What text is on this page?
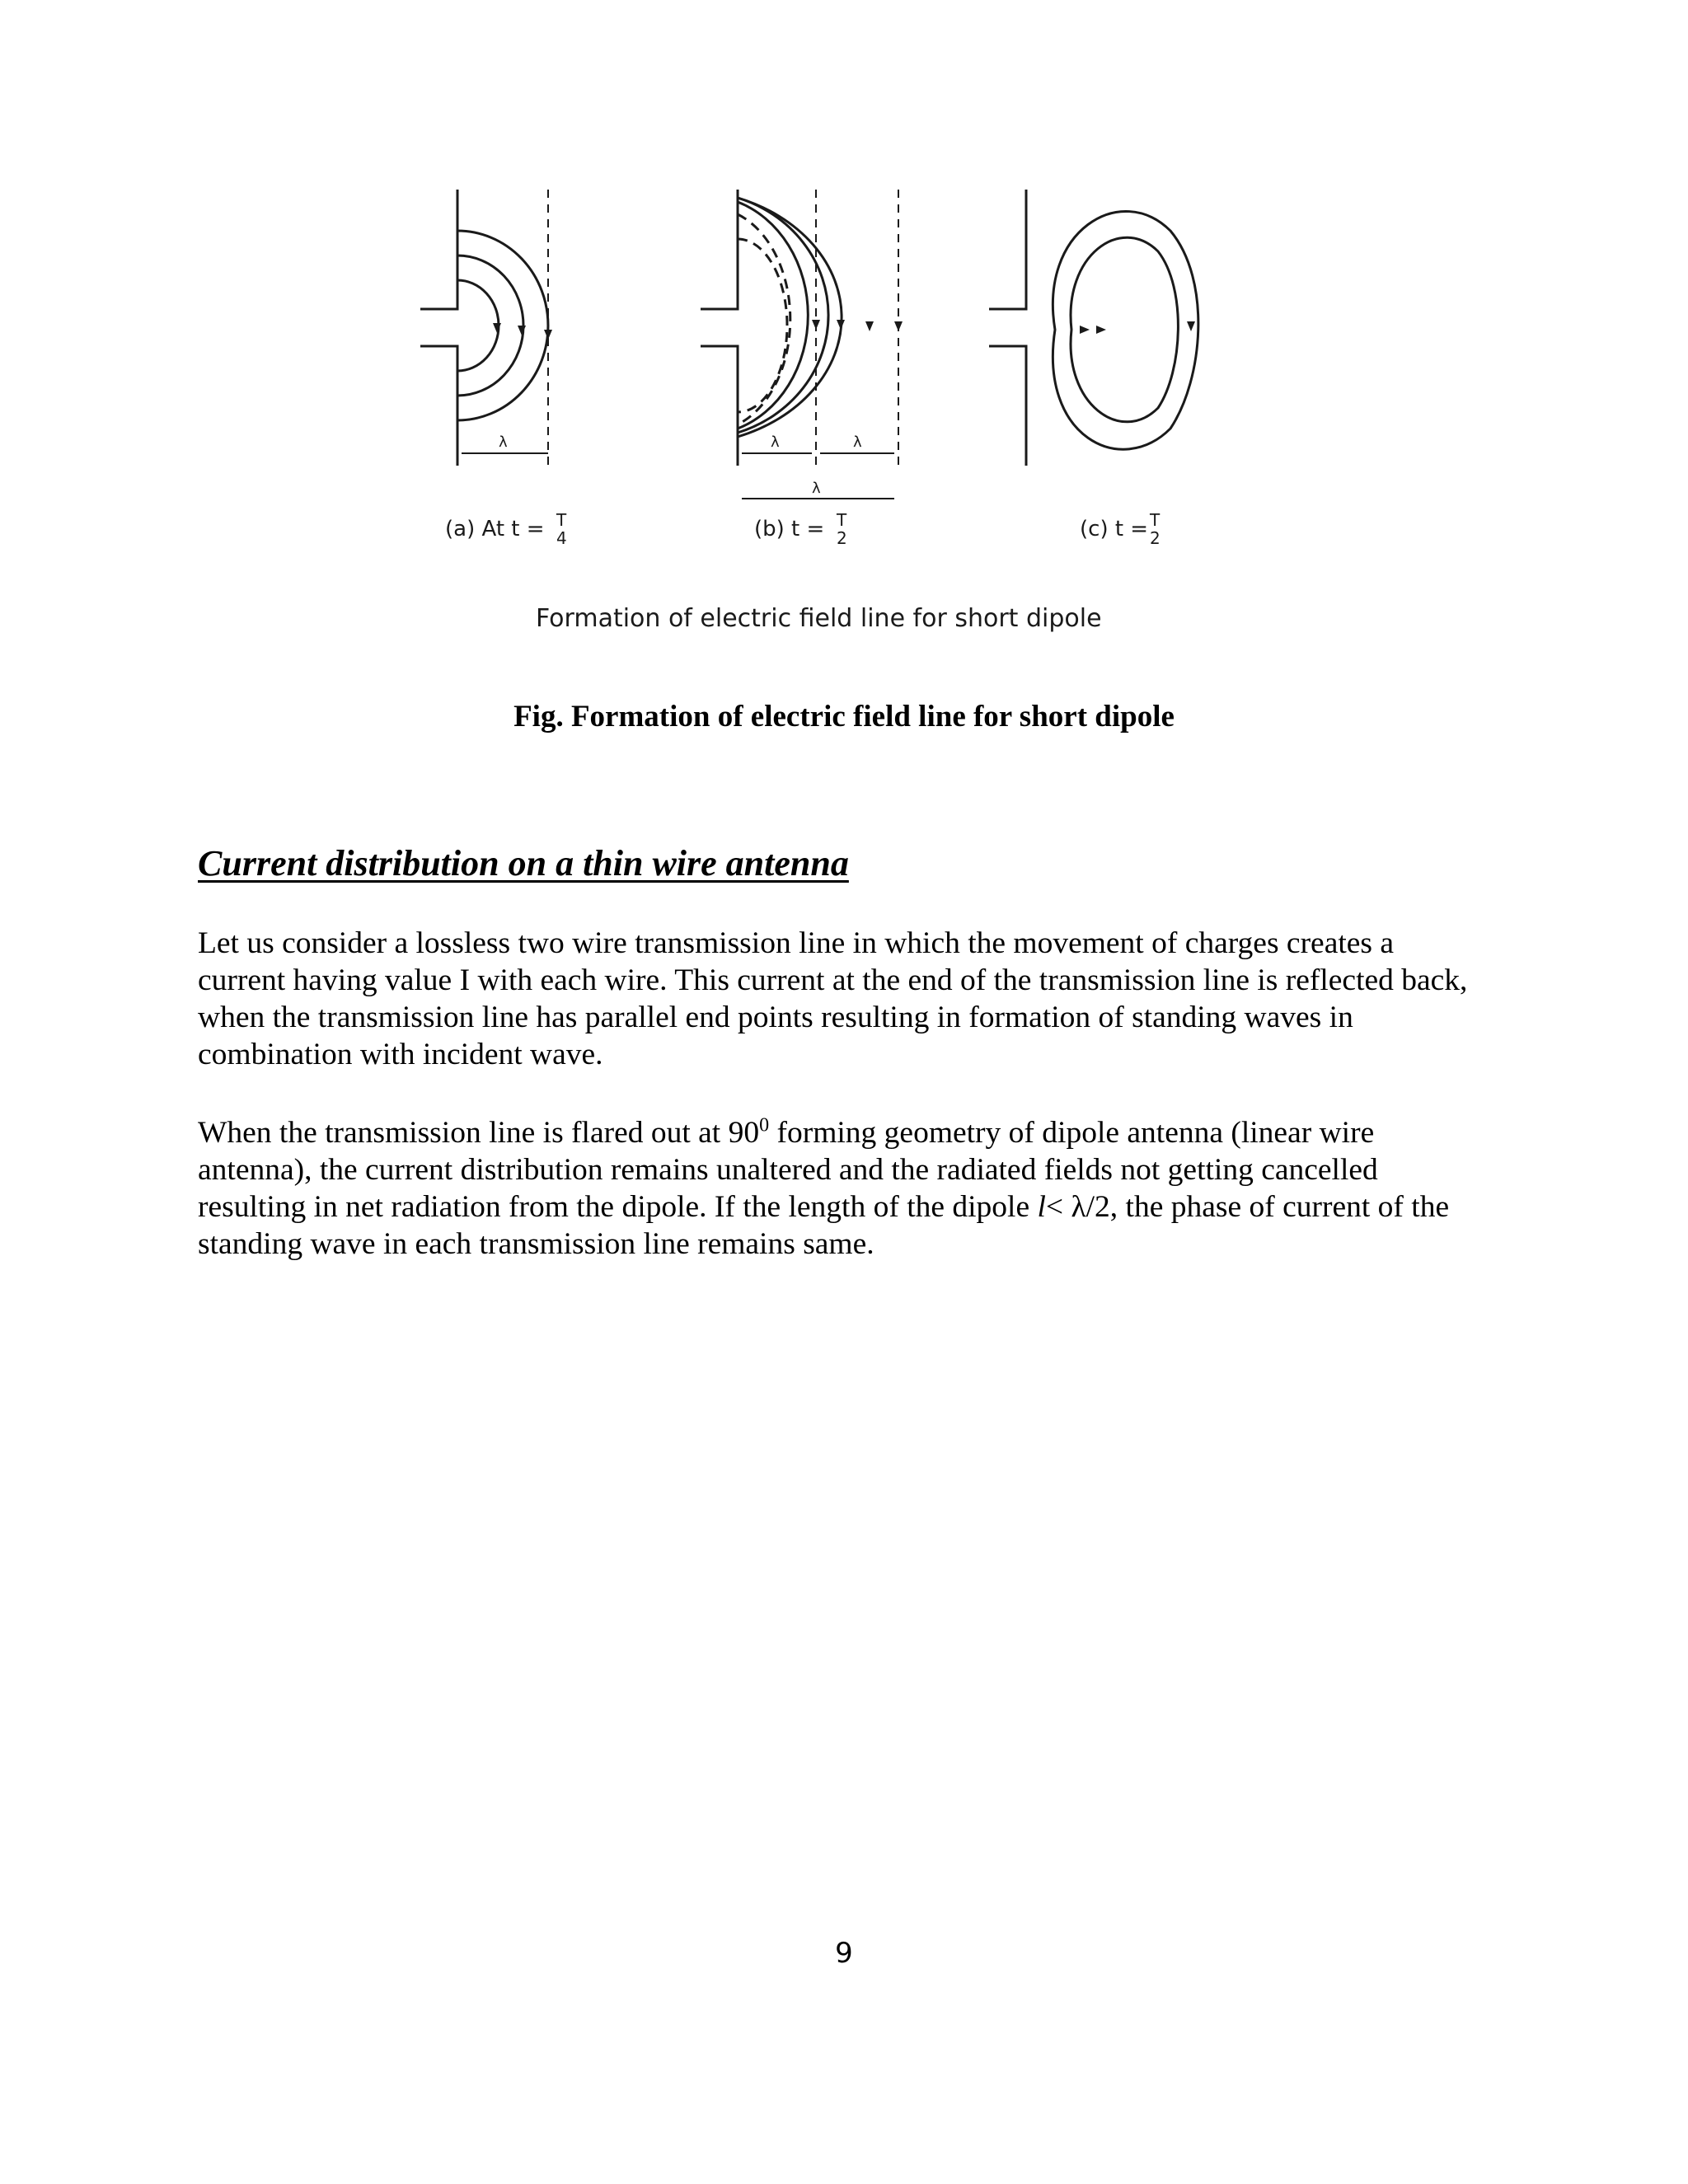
(a) At t = T
4	(b) t = T
2	(c) t = T
2
λ	λ	λ
λ
Formation of electric field line for short dipole
Fig. Formation of electric field line for short dipole
Current distribution on a thin wire antenna

Let us consider a lossless two wire transmission line in which the movement of charges creates a current having value I with each wire. This current at the end of the transmission line is reflected back, when the transmission line has parallel end points resulting in formation of standing waves in combination with incident wave.

When the transmission line is flared out at $90^0$ forming geometry of dipole antenna (linear wire antenna), the current distribution remains unaltered and the radiated fields not getting cancelled resulting in net radiation from the dipole. If the length of the dipole l< λ/2, the phase of current of the standing wave in each transmission line remains same.

9
